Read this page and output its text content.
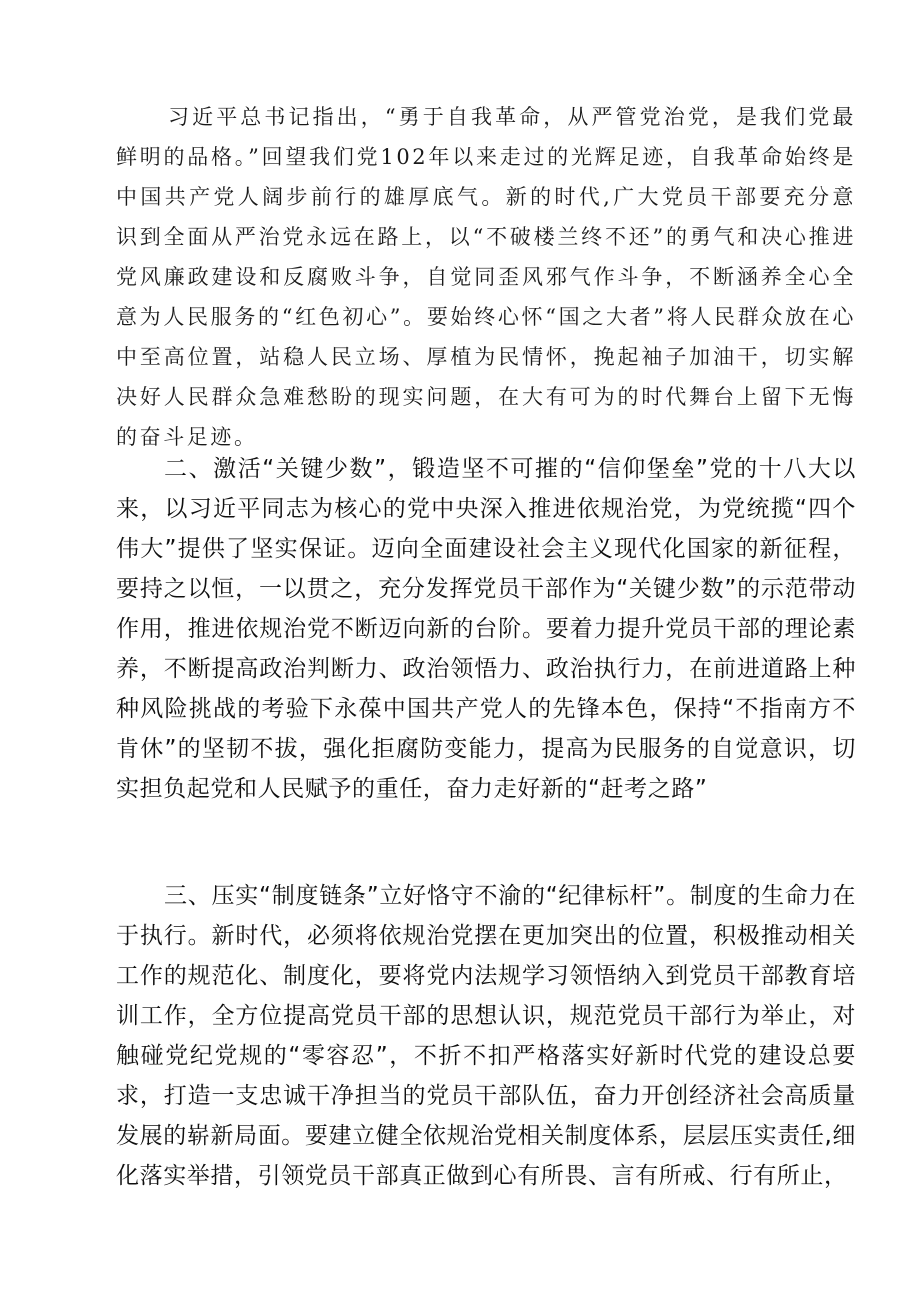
习近平总书记指出，“勇于自我革命，从严管党治党，是我们党最鲜明的品格。”回望我们党102年以来走过的光辉足迹，自我革命始终是中国共产党人阔步前行的雄厚底气。新的时代,广大党员干部要充分意识到全面从严治党永远在路上，以“不破楼兰终不还”的勇气和决心推进党风廉政建设和反腐败斗争，自觉同歪风邪气作斗争，不断涵养全心全意为人民服务的“红色初心”。要始终心怀“国之大者”将人民群众放在心中至高位置，站稳人民立场、厚植为民情怀，挽起袖子加油干，切实解决好人民群众急难愁盼的现实问题，在大有可为的时代舞台上留下无悔的奋斗足迹。

二、激活“关键少数”，锻造坚不可摧的“信仰堡垒”党的十八大以来，以习近平同志为核心的党中央深入推进依规治党，为党统揽“四个伟大”提供了坚实保证。迈向全面建设社会主义现代化国家的新征程，要持之以恒，一以贯之，充分发挥党员干部作为“关键少数”的示范带动作用，推进依规治党不断迈向新的台阶。要着力提升党员干部的理论素养，不断提高政治判断力、政治领悟力、政治执行力，在前进道路上种种风险挑战的考验下永葆中国共产党人的先锋本色，保持“不指南方不肯休”的坚韧不拔，强化拒腐防变能力，提高为民服务的自觉意识，切实担负起党和人民赋予的重任，奋力走好新的“赶考之路”

三、压实“制度链条”立好恪守不渝的“纪律标杆”。制度的生命力在于执行。新时代，必须将依规治党摆在更加突出的位置，积极推动相关工作的规范化、制度化，要将党内法规学习领悟纳入到党员干部教育培训工作，全方位提高党员干部的思想认识，规范党员干部行为举止，对触碰党纪党规的“零容忍”，不折不扣严格落实好新时代党的建设总要求，打造一支忠诚干净担当的党员干部队伍，奋力开创经济社会高质量发展的崭新局面。要建立健全依规治党相关制度体系，层层压实责任,细化落实举措，引领党员干部真正做到心有所畏、言有所戒、行有所止，
